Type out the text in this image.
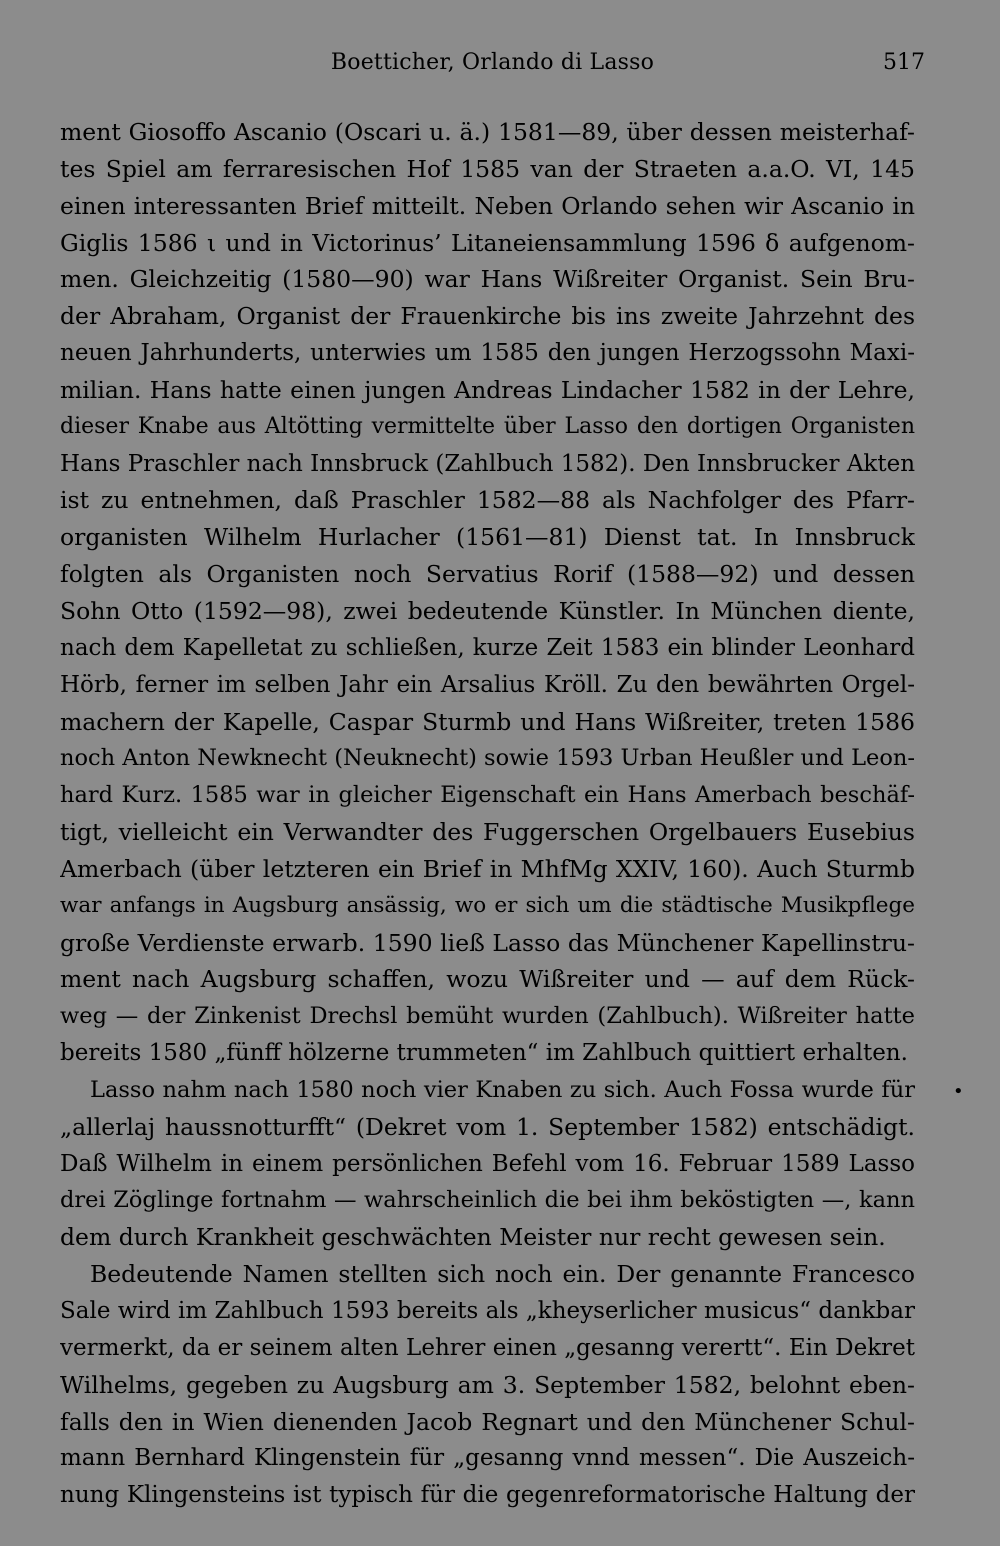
Boetticher, Orlando di Lasso	517
ment Giosoffo Ascanio (Oscari u. ä.) 1581—89, über dessen meisterhaf-
tes Spiel am ferraresischen Hof 1585 van der Straeten a.a.O. VI, 145
einen interessanten Brief mitteilt. Neben Orlando sehen wir Ascanio in
Giglis 1586 ι und in Victorinus’ Litaneiensammlung 1596 δ aufgenom-
men. Gleichzeitig (1580—90) war Hans Wißreiter Organist. Sein Bru-
der Abraham, Organist der Frauenkirche bis ins zweite Jahrzehnt des
neuen Jahrhunderts, unterwies um 1585 den jungen Herzogssohn Maxi-
milian. Hans hatte einen jungen Andreas Lindacher 1582 in der Lehre,
dieser Knabe aus Altötting vermittelte über Lasso den dortigen Organisten
Hans Praschler nach Innsbruck (Zahlbuch 1582). Den Innsbrucker Akten
ist zu entnehmen, daß Praschler 1582—88 als Nachfolger des Pfarr-
organisten Wilhelm Hurlacher (1561—81) Dienst tat. In Innsbruck
folgten als Organisten noch Servatius Rorif (1588—92) und dessen
Sohn Otto (1592—98), zwei bedeutende Künstler. In München diente,
nach dem Kapelletat zu schließen, kurze Zeit 1583 ein blinder Leonhard
Hörb, ferner im selben Jahr ein Arsalius Kröll. Zu den bewährten Orgel-
machern der Kapelle, Caspar Sturmb und Hans Wißreiter, treten 1586
noch Anton Newknecht (Neuknecht) sowie 1593 Urban Heußler und Leon-
hard Kurz. 1585 war in gleicher Eigenschaft ein Hans Amerbach beschäf-
tigt, vielleicht ein Verwandter des Fuggerschen Orgelbauers Eusebius
Amerbach (über letzteren ein Brief in MhfMg XXIV, 160). Auch Sturmb
war anfangs in Augsburg ansässig, wo er sich um die städtische Musikpflege
große Verdienste erwarb. 1590 ließ Lasso das Münchener Kapellinstru-
ment nach Augsburg schaffen, wozu Wißreiter und — auf dem Rück-
weg — der Zinkenist Drechsl bemüht wurden (Zahlbuch). Wißreiter hatte
bereits 1580 „fünff hölzerne trummeten“ im Zahlbuch quittiert erhalten.
Lasso nahm nach 1580 noch vier Knaben zu sich. Auch Fossa wurde für
„allerlaj haussnotturfft“ (Dekret vom 1. September 1582) entschädigt.
Daß Wilhelm in einem persönlichen Befehl vom 16. Februar 1589 Lasso
drei Zöglinge fortnahm — wahrscheinlich die bei ihm beköstigten —, kann
dem durch Krankheit geschwächten Meister nur recht gewesen sein.
Bedeutende Namen stellten sich noch ein. Der genannte Francesco
Sale wird im Zahlbuch 1593 bereits als „kheyserlicher musicus“ dankbar
vermerkt, da er seinem alten Lehrer einen „gesanng verertt“. Ein Dekret
Wilhelms, gegeben zu Augsburg am 3. September 1582, belohnt eben-
falls den in Wien dienenden Jacob Regnart und den Münchener Schul-
mann Bernhard Klingenstein für „gesanng vnnd messen“. Die Auszeich-
nung Klingensteins ist typisch für die gegenreformatorische Haltung der
•
